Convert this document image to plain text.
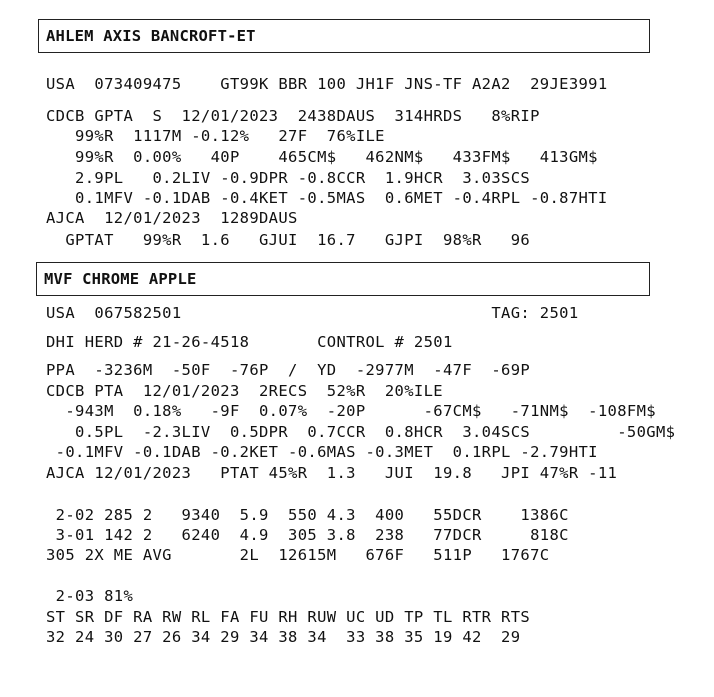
AHLEM AXIS BANCROFT-ET
USA  073409475    GT99K BBR 100 JH1F JNS-TF A2A2  29JE3991
CDCB GPTA  S  12/01/2023  2438DAUS  314HRDS   8%RIP
99%R  1117M -0.12%   27F  76%ILE
99%R  0.00%   40P    465CM$   462NM$   433FM$   413GM$
2.9PL   0.2LIV -0.9DPR -0.8CCR  1.9HCR  3.03SCS
0.1MFV -0.1DAB -0.4KET -0.5MAS  0.6MET -0.4RPL -0.87HTI
AJCA  12/01/2023  1289DAUS
GPTAT   99%R  1.6   GJUI  16.7   GJPI  98%R   96
MVF CHROME APPLE
USA  067582501                                TAG: 2501
DHI HERD # 21-26-4518       CONTROL # 2501
PPA  -3236M  -50F  -76P  /  YD  -2977M  -47F  -69P
CDCB PTA  12/01/2023  2RECS  52%R  20%ILE
-943M  0.18%   -9F  0.07%  -20P      -67CM$   -71NM$  -108FM$
0.5PL  -2.3LIV  0.5DPR  0.7CCR  0.8HCR  3.04SCS         -50GM$
-0.1MFV -0.1DAB -0.2KET -0.6MAS -0.3MET  0.1RPL -2.79HTI
AJCA 12/01/2023   PTAT 45%R  1.3   JUI  19.8   JPI 47%R -11
2-02 285 2   9340  5.9  550 4.3  400   55DCR    1386C
3-01 142 2   6240  4.9  305 3.8  238   77DCR     818C
305 2X ME AVG       2L  12615M   676F   511P   1767C
2-03 81%
ST SR DF RA RW RL FA FU RH RUW UC UD TP TL RTR RTS
32 24 30 27 26 34 29 34 38 34  33 38 35 19 42  29
